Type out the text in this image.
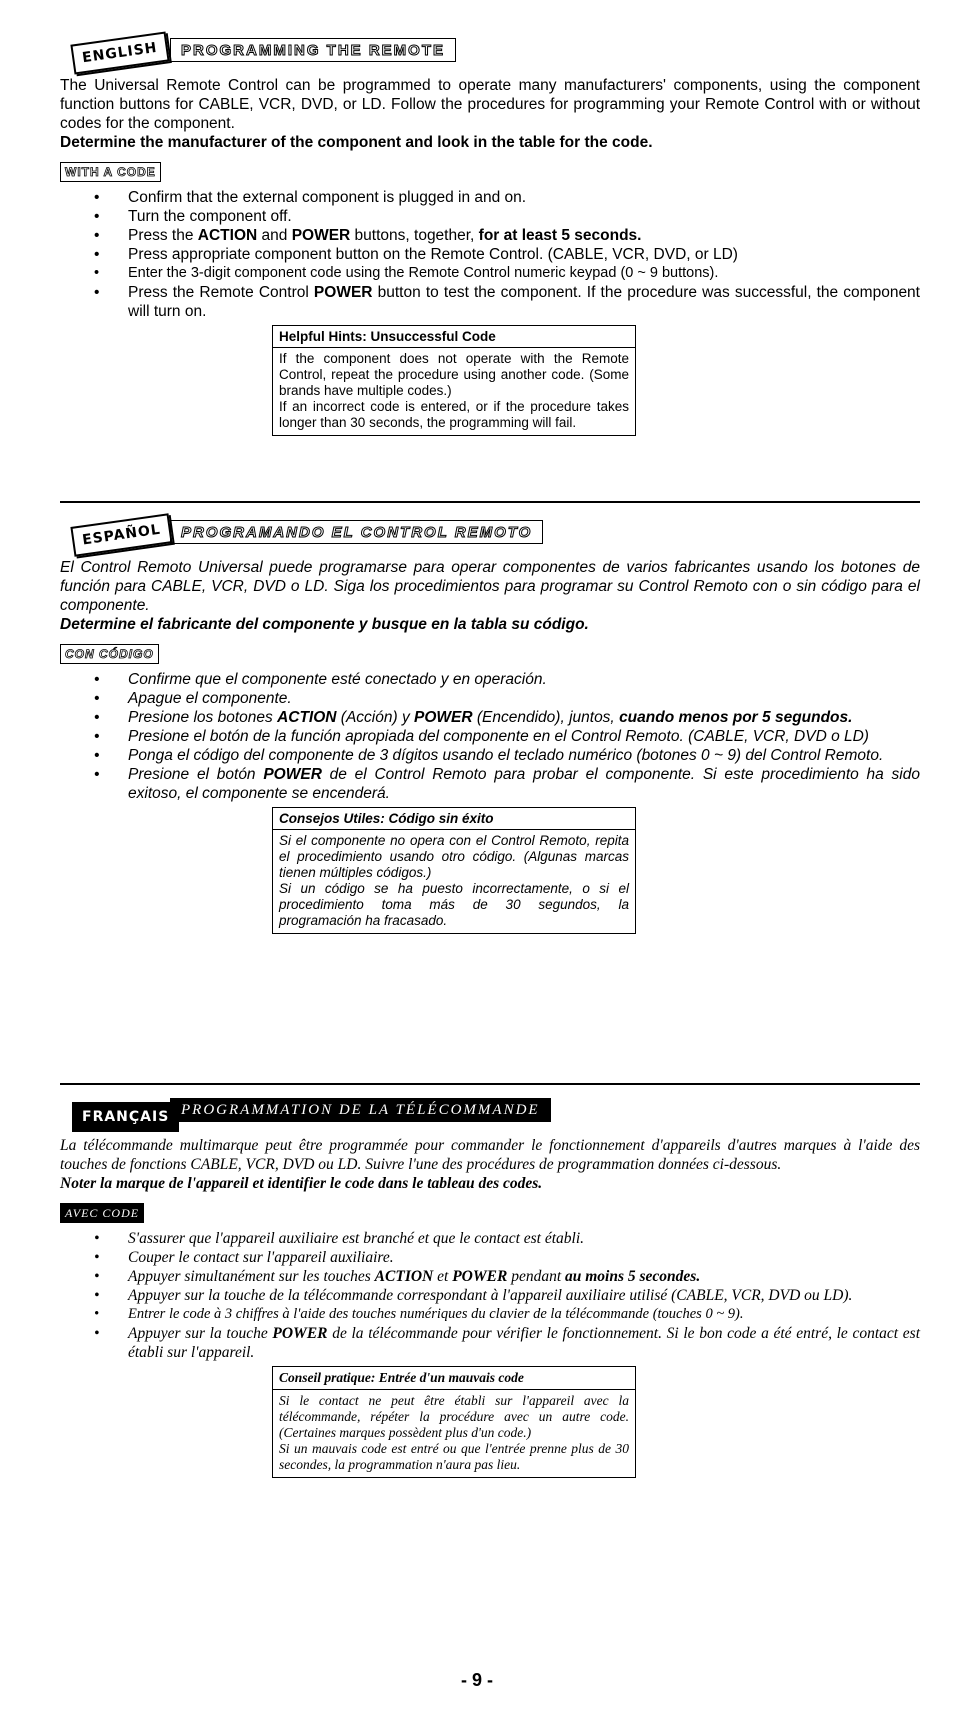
ENGLISH	PROGRAMMING THE REMOTE

The Universal Remote Control can be programmed to operate many manufacturers' components, using the component function buttons for CABLE, VCR, DVD, or LD. Follow the procedures for programming your Remote Control with or without codes for the component.

Determine the manufacturer of the component and look in the table for the code.

WITH A CODE
• Confirm that the external component is plugged in and on.
• Turn the component off.
• Press the ACTION and POWER buttons, together, for at least 5 seconds.
• Press appropriate component button on the Remote Control. (CABLE, VCR, DVD, or LD)
• Enter the 3-digit component code using the Remote Control numeric keypad (0 ~ 9 buttons).
• Press the Remote Control POWER button to test the component. If the procedure was successful, the component will turn on.
Helpful Hints: Unsuccessful Code
If the component does not operate with the Remote Control, repeat the procedure using another code. (Some brands have multiple codes.)
If an incorrect code is entered, or if the procedure takes longer than 30 seconds, the programming will fail.
ESPAÑOL	PROGRAMANDO EL CONTROL REMOTO

El Control Remoto Universal puede programarse para operar componentes de varios fabricantes usando los botones de función para CABLE, VCR, DVD o LD. Siga los procedimientos para programar su Control Remoto con o sin código para el componente.

Determine el fabricante del componente y busque en la tabla su código.

CON CÓDIGO
• Confirme que el componente esté conectado y en operación.
• Apague el componente.
• Presione los botones ACTION (Acción) y POWER (Encendido), juntos, cuando menos por 5 segundos.
• Presione el botón de la función apropiada del componente en el Control Remoto. (CABLE, VCR, DVD o LD)
• Ponga el código del componente de 3 dígitos usando el teclado numérico (botones 0 ~ 9) del Control Remoto.
• Presione el botón POWER de el Control Remoto para probar el componente. Si este procedimiento ha sido exitoso, el componente se encenderá.
Consejos Utiles: Código sin éxito
Si el componente no opera con el Control Remoto, repita el procedimiento usando otro código. (Algunas marcas tienen múltiples códigos.)
Si un código se ha puesto incorrectamente, o si el procedimiento toma más de 30 segundos, la programación ha fracasado.
FRANÇAIS PROGRAMMATION DE LA TÉLÉCOMMANDE

La télécommande multimarque peut être programmée pour commander le fonctionnement d'appareils d'autres marques à l'aide des touches de fonctions CABLE, VCR, DVD ou LD. Suivre l'une des procédures de programmation données ci-dessous.

Noter la marque de l'appareil et identifier le code dans le tableau des codes.

AVEC CODE
• S'assurer que l'appareil auxiliaire est branché et que le contact est établi.
• Couper le contact sur l'appareil auxiliaire.
• Appuyer simultanément sur les touches ACTION et POWER pendant au moins 5 secondes.
• Appuyer sur la touche de la télécommande correspondant à l'appareil auxiliaire utilisé (CABLE, VCR, DVD ou LD).
• Entrer le code à 3 chiffres à l'aide des touches numériques du clavier de la télécommande (touches 0 ~ 9).
• Appuyer sur la touche POWER de la télécommande pour vérifier le fonctionnement. Si le bon code a été entré, le contact est établi sur l'appareil.
Conseil pratique: Entrée d'un mauvais code
Si le contact ne peut être établi sur l'appareil avec la télécommande, répéter la procédure avec un autre code. (Certaines marques possèdent plus d'un code.)
Si un mauvais code est entré ou que l'entrée prenne plus de 30 secondes, la programmation n'aura pas lieu.
- 9 -
